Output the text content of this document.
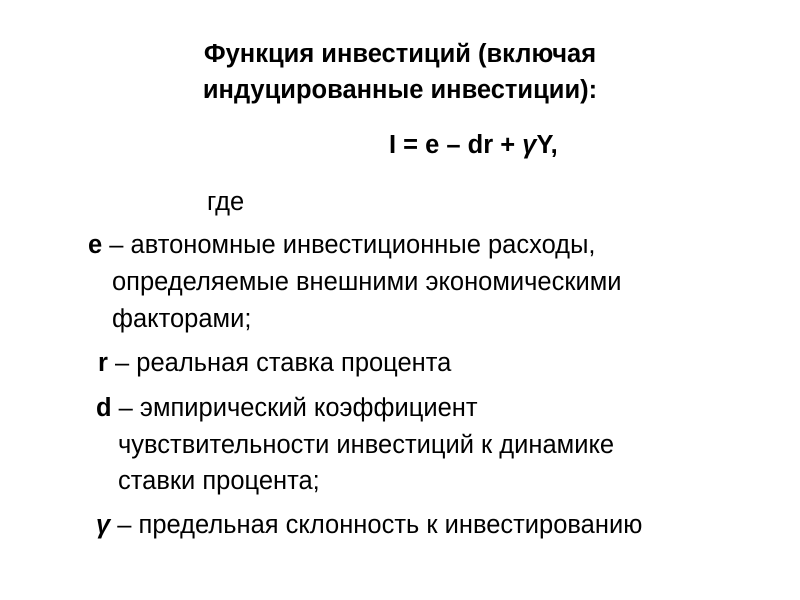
Функция инвестиций (включая
индуцированные инвестиции):
I = e – dr + γY,
где
e – автономные инвестиционные расходы,
определяемые внешними экономическими
факторами;
r – реальная ставка процента
d – эмпирический коэффициент
чувствительности инвестиций к динамике
ставки процента;
γ – предельная склонность к инвестированию
